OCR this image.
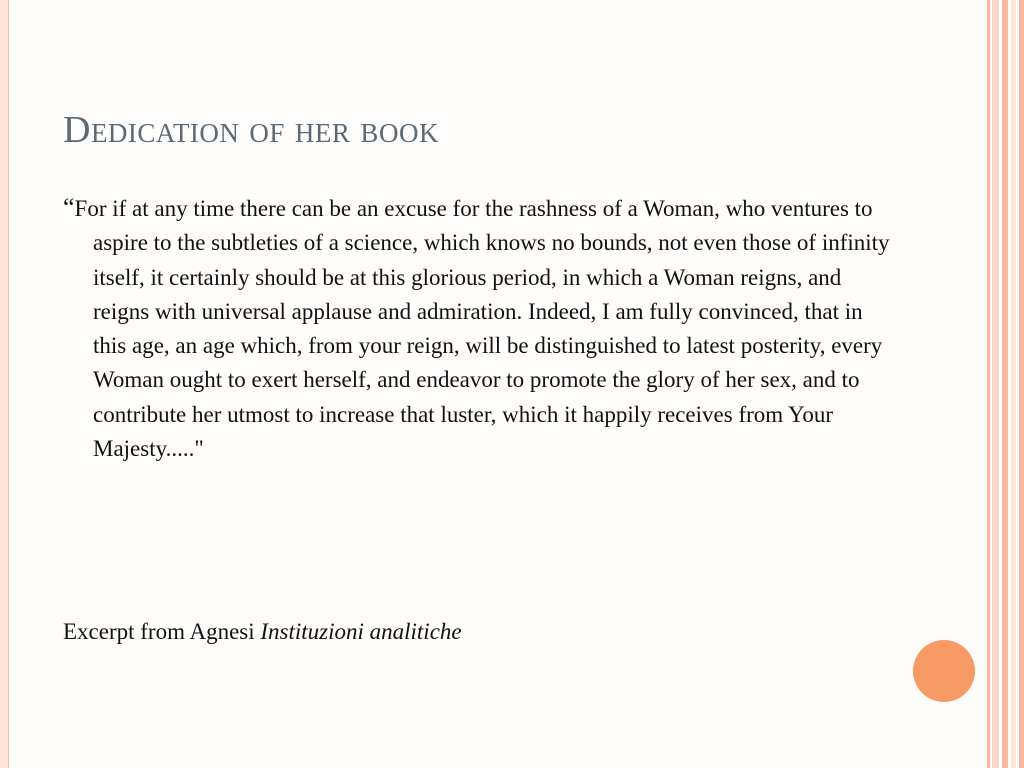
Dedication of her book

“For if at any time there can be an excuse for the rashness of a Woman, who ventures to aspire to the subtleties of a science, which knows no bounds, not even those of infinity itself, it certainly should be at this glorious period, in which a Woman reigns, and reigns with universal applause and admiration. Indeed, I am fully convinced, that in this age, an age which, from your reign, will be distinguished to latest posterity, every Woman ought to exert herself, and endeavor to promote the glory of her sex, and to contribute her utmost to increase that luster, which it happily receives from Your Majesty....."

Excerpt from Agnesi Instituzioni analitiche
